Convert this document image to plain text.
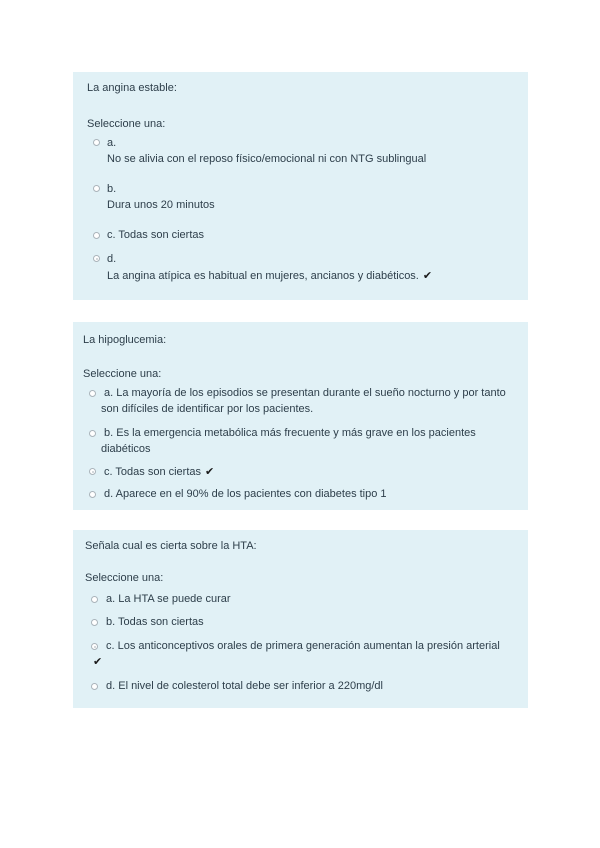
La angina estable:
Seleccione una:
a.
No se alivia con el reposo físico/emocional ni con NTG sublingual
b.
Dura unos 20 minutos
c. Todas son ciertas
d.
La angina atípica es habitual en mujeres, ancianos y diabéticos. ✔
La hipoglucemia:
Seleccione una:
a. La mayoría de los episodios se presentan durante el sueño nocturno y por tanto
son difíciles de identificar por los pacientes.
b. Es la emergencia metabólica más frecuente y más grave en los pacientes
diabéticos
c. Todas son ciertas ✔
d. Aparece en el 90% de los pacientes con diabetes tipo 1
Señala cual es cierta sobre la HTA:
Seleccione una:
a. La HTA se puede curar
b. Todas son ciertas
c. Los anticonceptivos orales de primera generación aumentan la presión arterial
✔
d. El nivel de colesterol total debe ser inferior a 220mg/dl
